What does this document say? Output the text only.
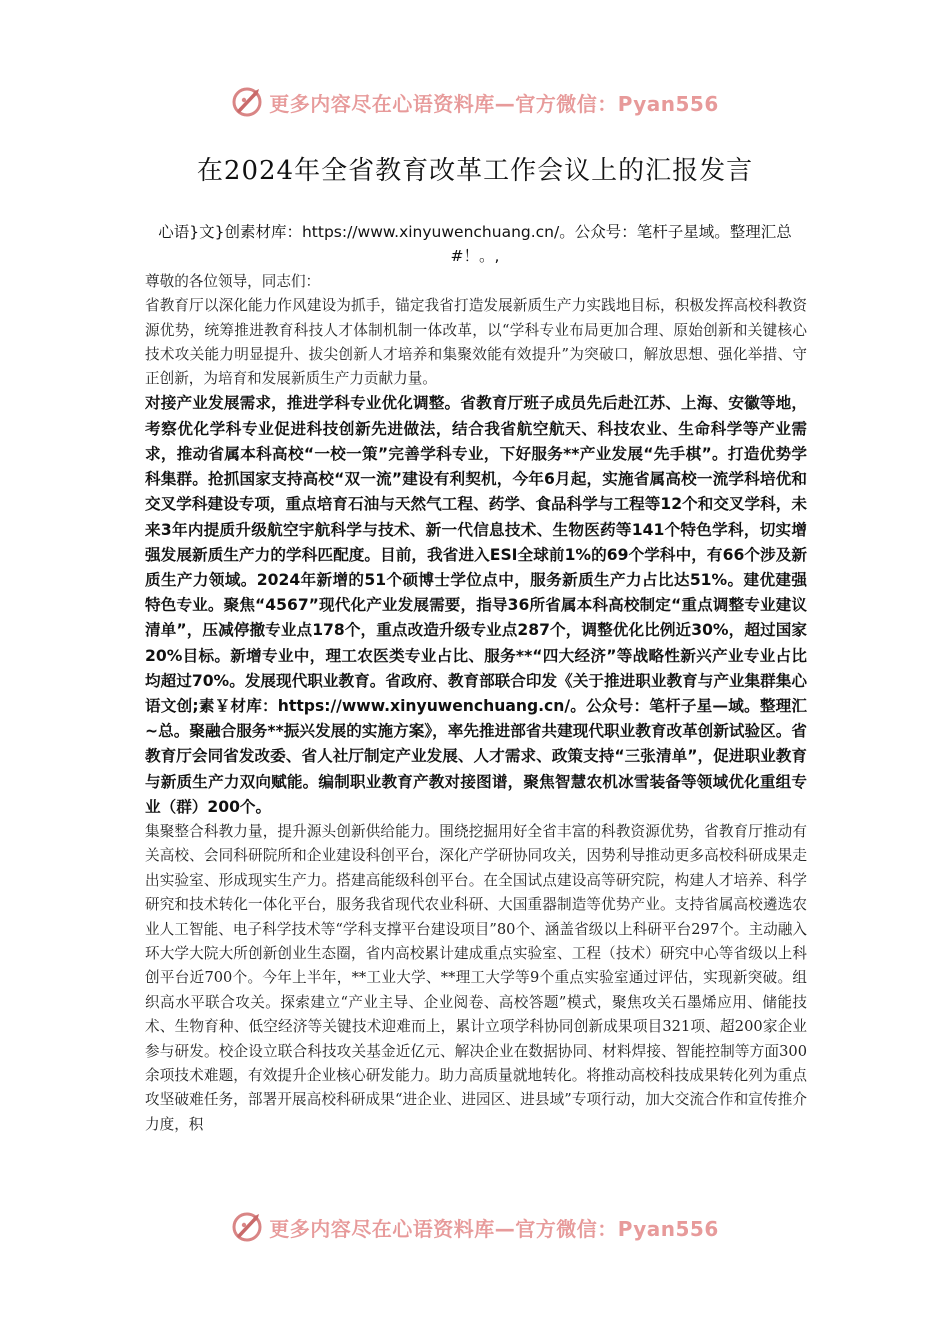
更多内容尽在心语资料库—官方微信：Pyan556
在2024年全省教育改革工作会议上的汇报发言

心语}文}创素材库：https://www.xinyuwenchuang.cn/。公众号：笔杆子星域。整理汇总#！。,

尊敬的各位领导，同志们：

省教育厅以深化能力作风建设为抓手，锚定我省打造发展新质生产力实践地目标，积极发挥高校科教资源优势，统筹推进教育科技人才体制机制一体改革，以“学科专业布局更加合理、原始创新和关键核心技术攻关能力明显提升、拔尖创新人才培养和集聚效能有效提升”为突破口，解放思想、强化举措、守正创新，为培育和发展新质生产力贡献力量。

对接产业发展需求，推进学科专业优化调整。省教育厅班子成员先后赴江苏、上海、安徽等地，考察优化学科专业促进科技创新先进做法，结合我省航空航天、科技农业、生命科学等产业需求，推动省属本科高校“一校一策”完善学科专业，下好服务**产业发展“先手棋”。打造优势学科集群。抢抓国家支持高校“双一流”建设有利契机，今年6月起，实施省属高校一流学科培优和交叉学科建设专项，重点培育石油与天然气工程、药学、食品科学与工程等12个和交叉学科，未来3年内提质升级航空宇航科学与技术、新一代信息技术、生物医药等141个特色学科，切实增强发展新质生产力的学科匹配度。目前，我省进入ESI全球前1%的69个学科中，有66个涉及新质生产力领域。2024年新增的51个硕博士学位点中，服务新质生产力占比达51%。建优建强特色专业。聚焦“4567”现代化产业发展需要，指导36所省属本科高校制定“重点调整专业建议清单”，压减停撤专业点178个，重点改造升级专业点287个，调整优化比例近30%，超过国家20%目标。新增专业中，理工农医类专业占比、服务**“四大经济”等战略性新兴产业专业占比均超过70%。发展现代职业教育。省政府、教育部联合印发《关于推进职业教育与产业集群集心语文创;素￥材库：https://www.xinyuwenchuang.cn/。公众号：笔杆子星—域。整理汇~总。聚融合服务**振兴发展的实施方案》，率先推进部省共建现代职业教育改革创新试验区。省教育厅会同省发改委、省人社厅制定产业发展、人才需求、政策支持“三张清单”，促进职业教育与新质生产力双向赋能。编制职业教育产教对接图谱，聚焦智慧农机冰雪装备等领域优化重组专业（群）200个。

集聚整合科教力量，提升源头创新供给能力。围绕挖掘用好全省丰富的科教资源优势，省教育厅推动有关高校、会同科研院所和企业建设科创平台，深化产学研协同攻关，因势利导推动更多高校科研成果走出实验室、形成现实生产力。搭建高能级科创平台。在全国试点建设高等研究院，构建人才培养、科学研究和技术转化一体化平台，服务我省现代农业科研、大国重器制造等优势产业。支持省属高校遴选农业人工智能、电子科学技术等“学科支撑平台建设项目”80个、涵盖省级以上科研平台297个。主动融入环大学大院大所创新创业生态圈，省内高校累计建成重点实验室、工程（技术）研究中心等省级以上科创平台近700个。今年上半年，**工业大学、**理工大学等9个重点实验室通过评估，实现新突破。组织高水平联合攻关。探索建立“产业主导、企业阅卷、高校答题”模式，聚焦攻关石墨烯应用、储能技术、生物育种、低空经济等关键技术迎难而上，累计立项学科协同创新成果项目321项、超200家企业参与研发。校企设立联合科技攻关基金近亿元、解决企业在数据协同、材料焊接、智能控制等方面300余项技术难题，有效提升企业核心研发能力。助力高质量就地转化。将推动高校科技成果转化列为重点攻坚破难任务，部署开展高校科研成果“进企业、进园区、进县域”专项行动，加大交流合作和宣传推介力度，积

更多内容尽在心语资料库—官方微信：Pyan556
